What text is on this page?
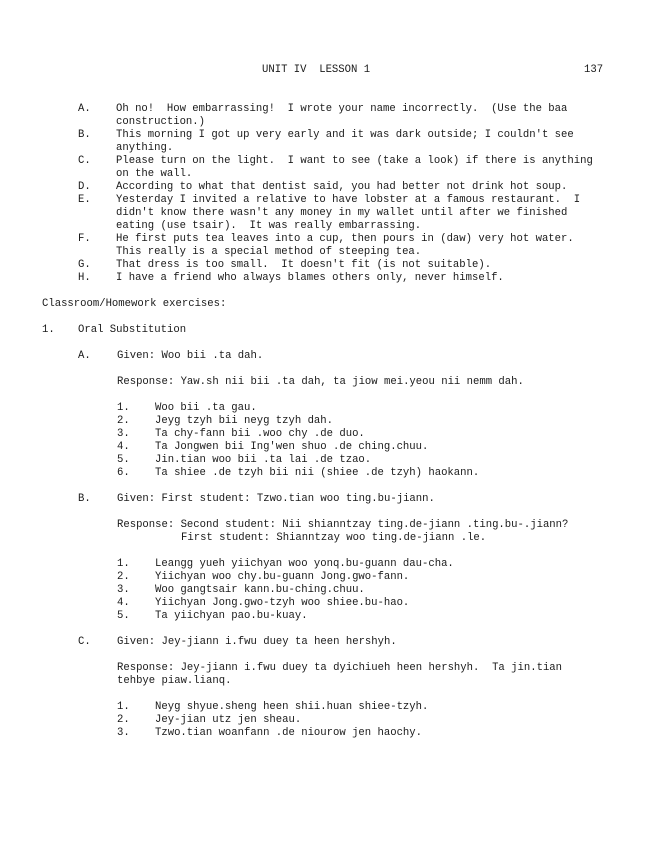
UNIT IV  LESSON 1	137
A. Oh no!  How embarrassing!  I wrote your name incorrectly.  (Use the baa construction.)
B. This morning I got up very early and it was dark outside; I couldn't see anything.
C. Please turn on the light.  I want to see (take a look) if there is anything on the wall.
D. According to what that dentist said, you had better not drink hot soup.
E. Yesterday I invited a relative to have lobster at a famous restaurant.  I didn't know there wasn't any money in my wallet until after we finished eating (use tsair).  It was really embarrassing.
F. He first puts tea leaves into a cup, then pours in (daw) very hot water.  This really is a special method of steeping tea.
G. That dress is too small.  It doesn't fit (is not suitable).
H. I have a friend who always blames others only, never himself.
Classroom/Homework exercises:
1. Oral Substitution
A. Given: Woo bii .ta dah.
Response: Yaw.sh nii bii .ta dah, ta jiow mei.yeou nii nemm dah.
1. Woo bii .ta gau.
2. Jeyg tzyh bii neyg tzyh dah.
3. Ta chy-fann bii .woo chy .de duo.
4. Ta Jongwen bii Ing'wen shuo .de ching.chuu.
5. Jin.tian woo bii .ta lai .de tzao.
6. Ta shiee .de tzyh bii nii (shiee .de tzyh) haokann.
B. Given: First student: Tzwo.tian woo ting.bu-jiann.
Response: Second student: Nii shianntzay ting.de-jiann .ting.bu-.jiann?
First student: Shianntzay woo ting.de-jiann .le.
1. Leangg yueh yiichyan woo yonq.bu-guann dau-cha.
2. Yiichyan woo chy.bu-guann Jong.gwo-fann.
3. Woo gangtsair kann.bu-ching.chuu.
4. Yiichyan Jong.gwo-tzyh woo shiee.bu-hao.
5. Ta yiichyan pao.bu-kuay.
C. Given: Jey-jiann i.fwu duey ta heen hershyh.
Response: Jey-jiann i.fwu duey ta dyichiueh heen hershyh.  Ta jin.tian
tehbye piaw.lianq.
1. Neyg shyue.sheng heen shii.huan shiee-tzyh.
2. Jey-jian utz jen sheau.
3. Tzwo.tian woanfann .de niourow jen haochy.
